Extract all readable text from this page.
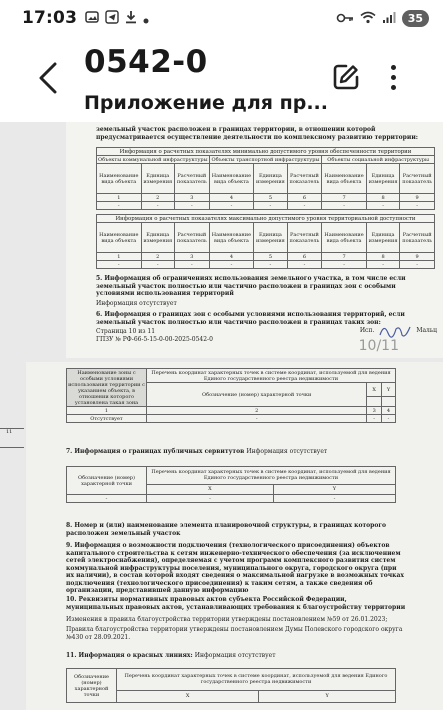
17:03	35
0542-0
Приложение для пр...
земельный участок расположен в границах территории, в отношении которой предусматривается осуществление деятельности по комплексному развитию территории:
Информация о расчетных показателях минимально допустимого уровня обеспеченности территории								
Объекты коммунальной инфраструктуры			Объекты транспортной инфраструктуры			Объекты социальной инфраструктуры		
Наименование вида объекта	Единица измерения	Расчетный показатель	Наименование вида объекта	Единица измерения	Расчетный показатель	Наименование вида объекта	Единица измерения	Расчетный показатель
1	2	3	4	5	6	7	8	9
-	-	-	-	-	-	-	-	-
Информация о расчетных показателях максимально допустимого уровня территориальной доступности								
Наименование вида объекта	Единица измерения	Расчетный показатель	Наименование вида объекта	Единица измерения	Расчетный показатель	Наименование вида объекта	Единица измерения	Расчетный показатель
1	2	3	4	5	6	7	8	9
-	-	-	-	-	-	-	-	-
5. Информация об ограничениях использования земельного участка, в том числе если земельный участок полностью или частично расположен в границах зон с особыми условиями использования территорий
Информация отсутствует
6. Информация о границах зон с особыми условиями использования территорий, если земельный участок полностью или частично расположен в границах таких зон:
Страница 10 из 11
ГПЗУ № РФ-66-5-15-0-00-2025-0542-0
Исп.	Мальц
10/11
Наименование зоны с особыми условиями использования территории с указанием объекта, в отношении которого установлена такая зона	Перечень координат характерных точек в системе координат, используемой для ведения Единого государственного реестра недвижимости		
	Обозначение (номер) характерной точки	X	Y

1	2	3	4
Отсутствует	-	-	-
7. Информация о границах публичных сервитутов Информация отсутствует
Обозначение (номер) характерной точки	Перечень координат характерных точек в системе координат, используемой для ведения Единого государственного реестра недвижимости	
	X	Y
-	-	-
8. Номер и (или) наименование элемента планировочной структуры, в границах которого расположен земельный участок
9. Информация о возможности подключения (технологического присоединения) объектов капитального строительства к сетям инженерно-технического обеспечения (за исключением сетей электроснабжения), определяемая с учетом программ комплексного развития систем коммунальной инфраструктуры поселения, муниципального округа, городского округа (при их наличии), в состав которой входят сведения о максимальной нагрузке в возможных точках подключения (технологического присоединения) к таким сетям, а также сведения об организации, представившей данную информацию
10. Реквизиты нормативных правовых актов субъекта Российской Федерации, муниципальных правовых актов, устанавливающих требования к благоустройству территории
Изменения в правила благоустройства территории утверждены постановлением №59 от 26.01.2023;
Правила благоустройства территории утверждены постановлением Думы Полевского городского округа №430 от 28.09.2021.
11. Информация о красных линиях: Информация отсутствует
Обозначение (номер) характерной точки	Перечень координат характерных точек в системе координат, используемой для ведения Единого государственного реестра недвижимости	
	X	Y
11
